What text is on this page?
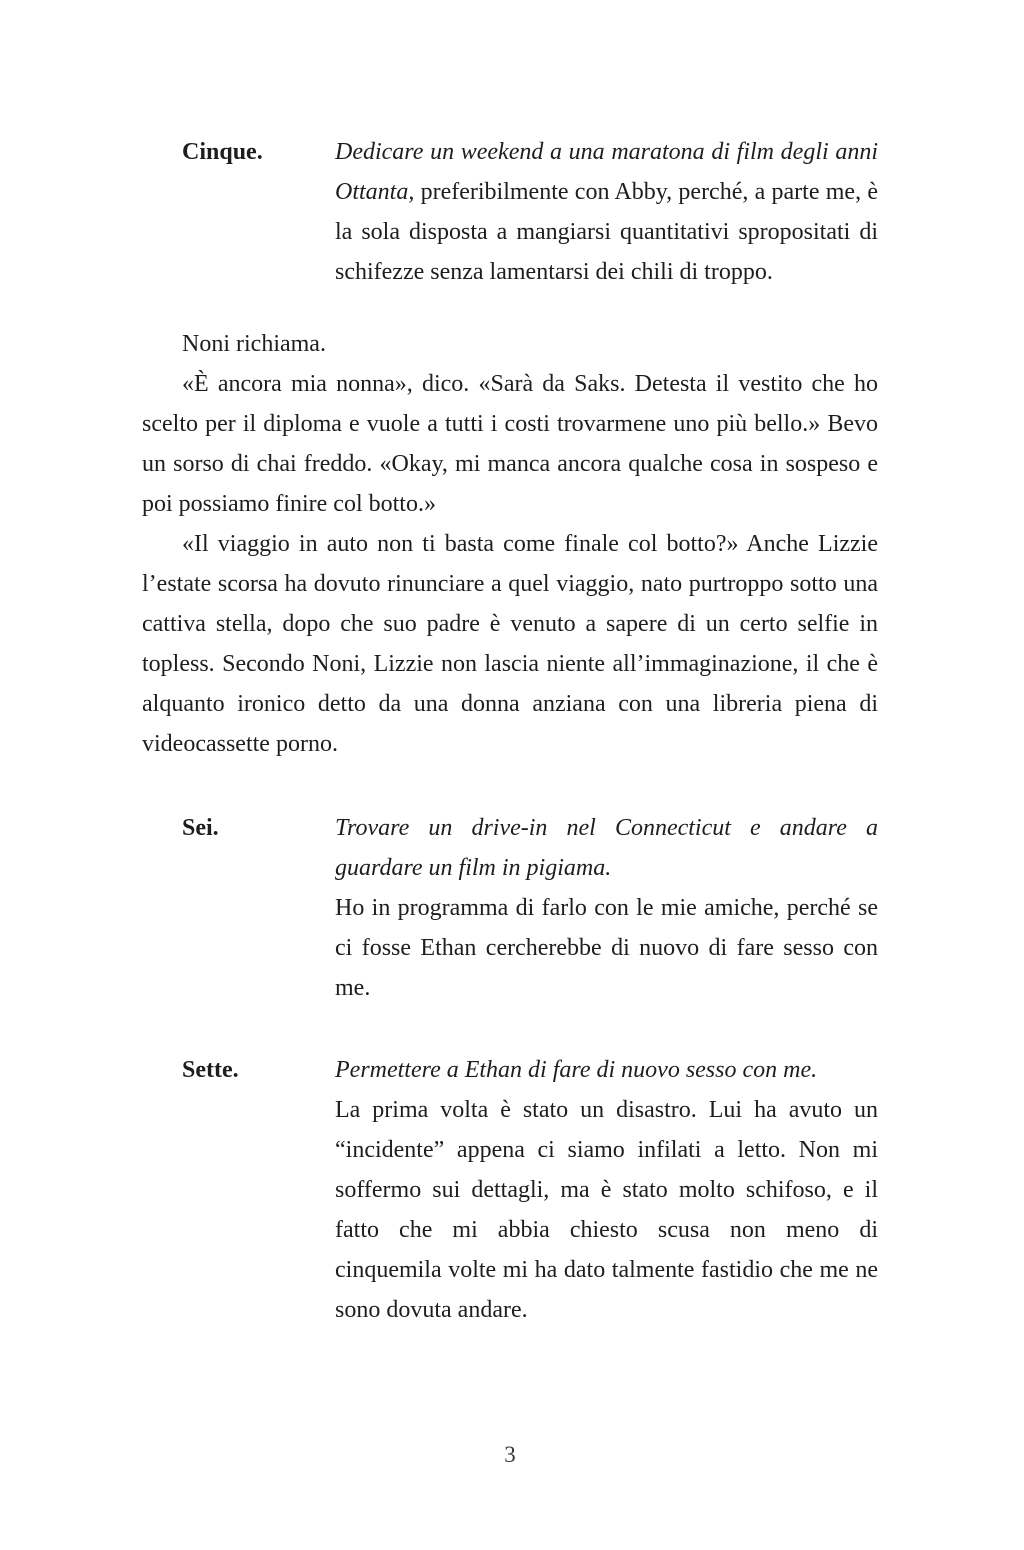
Cinque.	Dedicare un weekend a una maratona di film degli anni Ottanta, preferibilmente con Abby, perché, a parte me, è la sola disposta a mangiarsi quantitativi spropositati di schifezze senza lamentarsi dei chili di troppo.

Noni richiama.

«È ancora mia nonna», dico. «Sarà da Saks. Detesta il vestito che ho scelto per il diploma e vuole a tutti i costi trovarmene uno più bello.» Bevo un sorso di chai freddo. «Okay, mi manca ancora qualche cosa in sospeso e poi possiamo finire col botto.»

«Il viaggio in auto non ti basta come finale col botto?» Anche Lizzie l’estate scorsa ha dovuto rinunciare a quel viaggio, nato purtroppo sotto una cattiva stella, dopo che suo padre è venuto a sapere di un certo selfie in topless. Secondo Noni, Lizzie non lascia niente all’immaginazione, il che è alquanto ironico detto da una donna anziana con una libreria piena di videocassette porno.

Sei.	Trovare un drive-in nel Connecticut e andare a guardare un film in pigiama.
Ho in programma di farlo con le mie amiche, perché se ci fosse Ethan cercherebbe di nuovo di fare sesso con me.
Sette.	Permettere a Ethan di fare di nuovo sesso con me.
La prima volta è stato un disastro. Lui ha avuto un “incidente” appena ci siamo infilati a letto. Non mi soffermo sui dettagli, ma è stato molto schifoso, e il fatto che mi abbia chiesto scusa non meno di cinquemila volte mi ha dato talmente fastidio che me ne sono dovuta andare.
3
